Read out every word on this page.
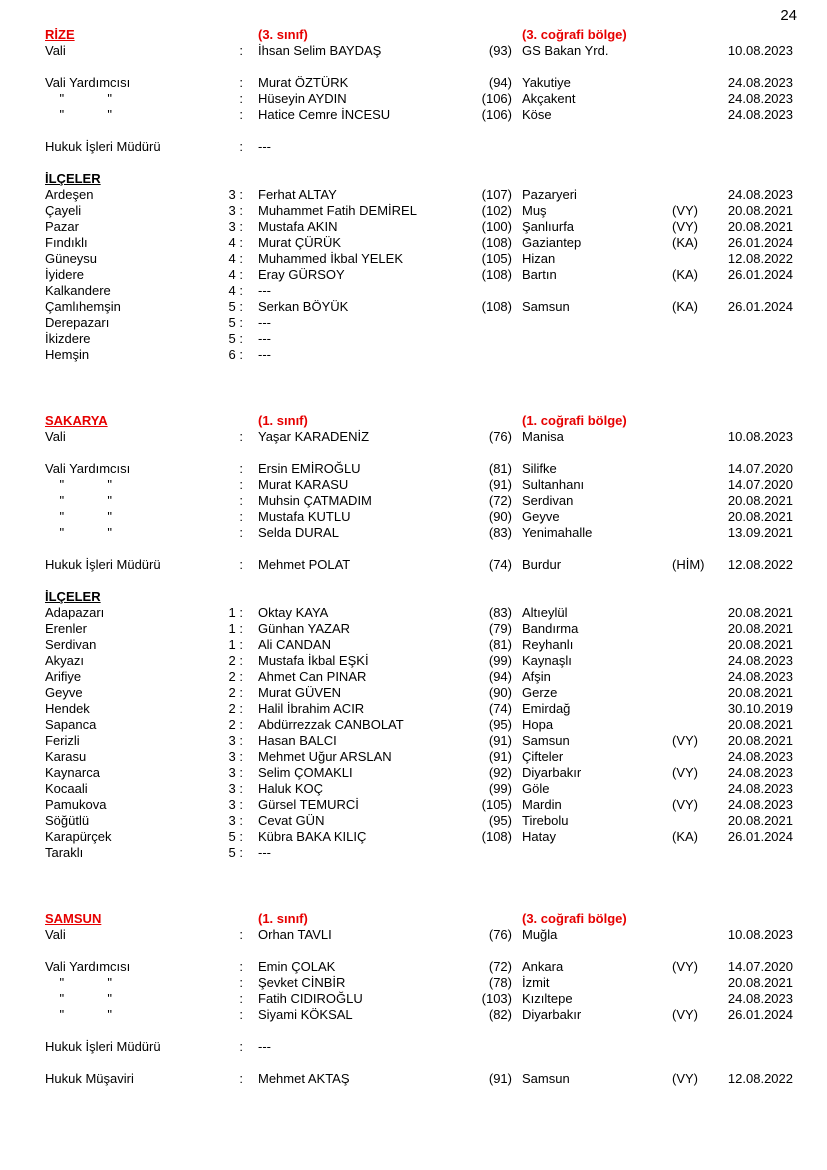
24
RİZE	(3. sınıf)	(3. coğrafi bölge)
Vali	:	İhsan Selim BAYDAŞ	(93) GS Bakan Yrd.	10.08.2023
Vali Yardımcısı	:	Murat ÖZTÜRK	(94) Yakutiye	24.08.2023
"            "	:	Hüseyin AYDIN	(106) Akçakent	24.08.2023
"            "	:	Hatice Cemre İNCESU	(106) Köse	24.08.2023
Hukuk İşleri Müdürü	:	---
İLÇELER
Ardeşen	3 :	Ferhat ALTAY	(107) Pazaryeri	24.08.2023
Çayeli	3 :	Muhammet Fatih DEMİREL	(102) Muş	(VY)	20.08.2021
Pazar	3 :	Mustafa AKIN	(100) Şanlıurfa	(VY)	20.08.2021
Fındıklı	4 :	Murat ÇÜRÜK	(108) Gaziantep	(KA)	26.01.2024
Güneysu	4 :	Muhammed İkbal YELEK	(105) Hizan	12.08.2022
İyidere	4 :	Eray GÜRSOY	(108) Bartın	(KA)	26.01.2024
Kalkandere	4 :	---
Çamlıhemşin	5 :	Serkan BÖYÜK	(108) Samsun	(KA)	26.01.2024
Derepazarı	5 :	---
İkizdere	5 :	---
Hemşin	6 :	---
SAKARYA	(1. sınıf)	(1. coğrafi bölge)
Vali	:	Yaşar KARADENİZ	(76) Manisa	10.08.2023
Vali Yardımcısı	:	Ersin EMİROĞLU	(81) Silifke	14.07.2020
"            "	:	Murat KARASU	(91) Sultanhanı	14.07.2020
"            "	:	Muhsin ÇATMADIM	(72) Serdivan	20.08.2021
"            "	:	Mustafa KUTLU	(90) Geyve	20.08.2021
"            "	:	Selda DURAL	(83) Yenimahalle	13.09.2021
Hukuk İşleri Müdürü	:	Mehmet POLAT	(74) Burdur	(HİM)	12.08.2022
İLÇELER
Adapazarı	1 :	Oktay KAYA	(83) Altıeylül	20.08.2021
Erenler	1 :	Günhan YAZAR	(79) Bandırma	20.08.2021
Serdivan	1 :	Ali CANDAN	(81) Reyhanlı	20.08.2021
Akyazı	2 :	Mustafa İkbal EŞKİ	(99) Kaynaşlı	24.08.2023
Arifiye	2 :	Ahmet Can PINAR	(94) Afşin	24.08.2023
Geyve	2 :	Murat GÜVEN	(90) Gerze	20.08.2021
Hendek	2 :	Halil İbrahim ACIR	(74) Emirdağ	30.10.2019
Sapanca	2 :	Abdürrezzak CANBOLAT	(95) Hopa	20.08.2021
Ferizli	3 :	Hasan BALCI	(91) Samsun	(VY)	20.08.2021
Karasu	3 :	Mehmet Uğur ARSLAN	(91) Çifteler	24.08.2023
Kaynarca	3 :	Selim ÇOMAKLI	(92) Diyarbakır	(VY)	24.08.2023
Kocaali	3 :	Haluk KOÇ	(99) Göle	24.08.2023
Pamukova	3 :	Gürsel TEMURCİ	(105) Mardin	(VY)	24.08.2023
Söğütlü	3 :	Cevat GÜN	(95) Tirebolu	20.08.2021
Karapürçek	5 :	Kübra BAKA KILIÇ	(108) Hatay	(KA)	26.01.2024
Taraklı	5 :	---
SAMSUN	(1. sınıf)	(3. coğrafi bölge)
Vali	:	Orhan TAVLI	(76) Muğla	10.08.2023
Vali Yardımcısı	:	Emin ÇOLAK	(72) Ankara	(VY)	14.07.2020
"            "	:	Şevket CİNBİR	(78) İzmit	20.08.2021
"            "	:	Fatih CIDIROĞLU	(103) Kızıltepe	24.08.2023
"            "	:	Siyami KÖKSAL	(82) Diyarbakır	(VY)	26.01.2024
Hukuk İşleri Müdürü	:	---
Hukuk Müşaviri	:	Mehmet AKTAŞ	(91) Samsun	(VY)	12.08.2022
